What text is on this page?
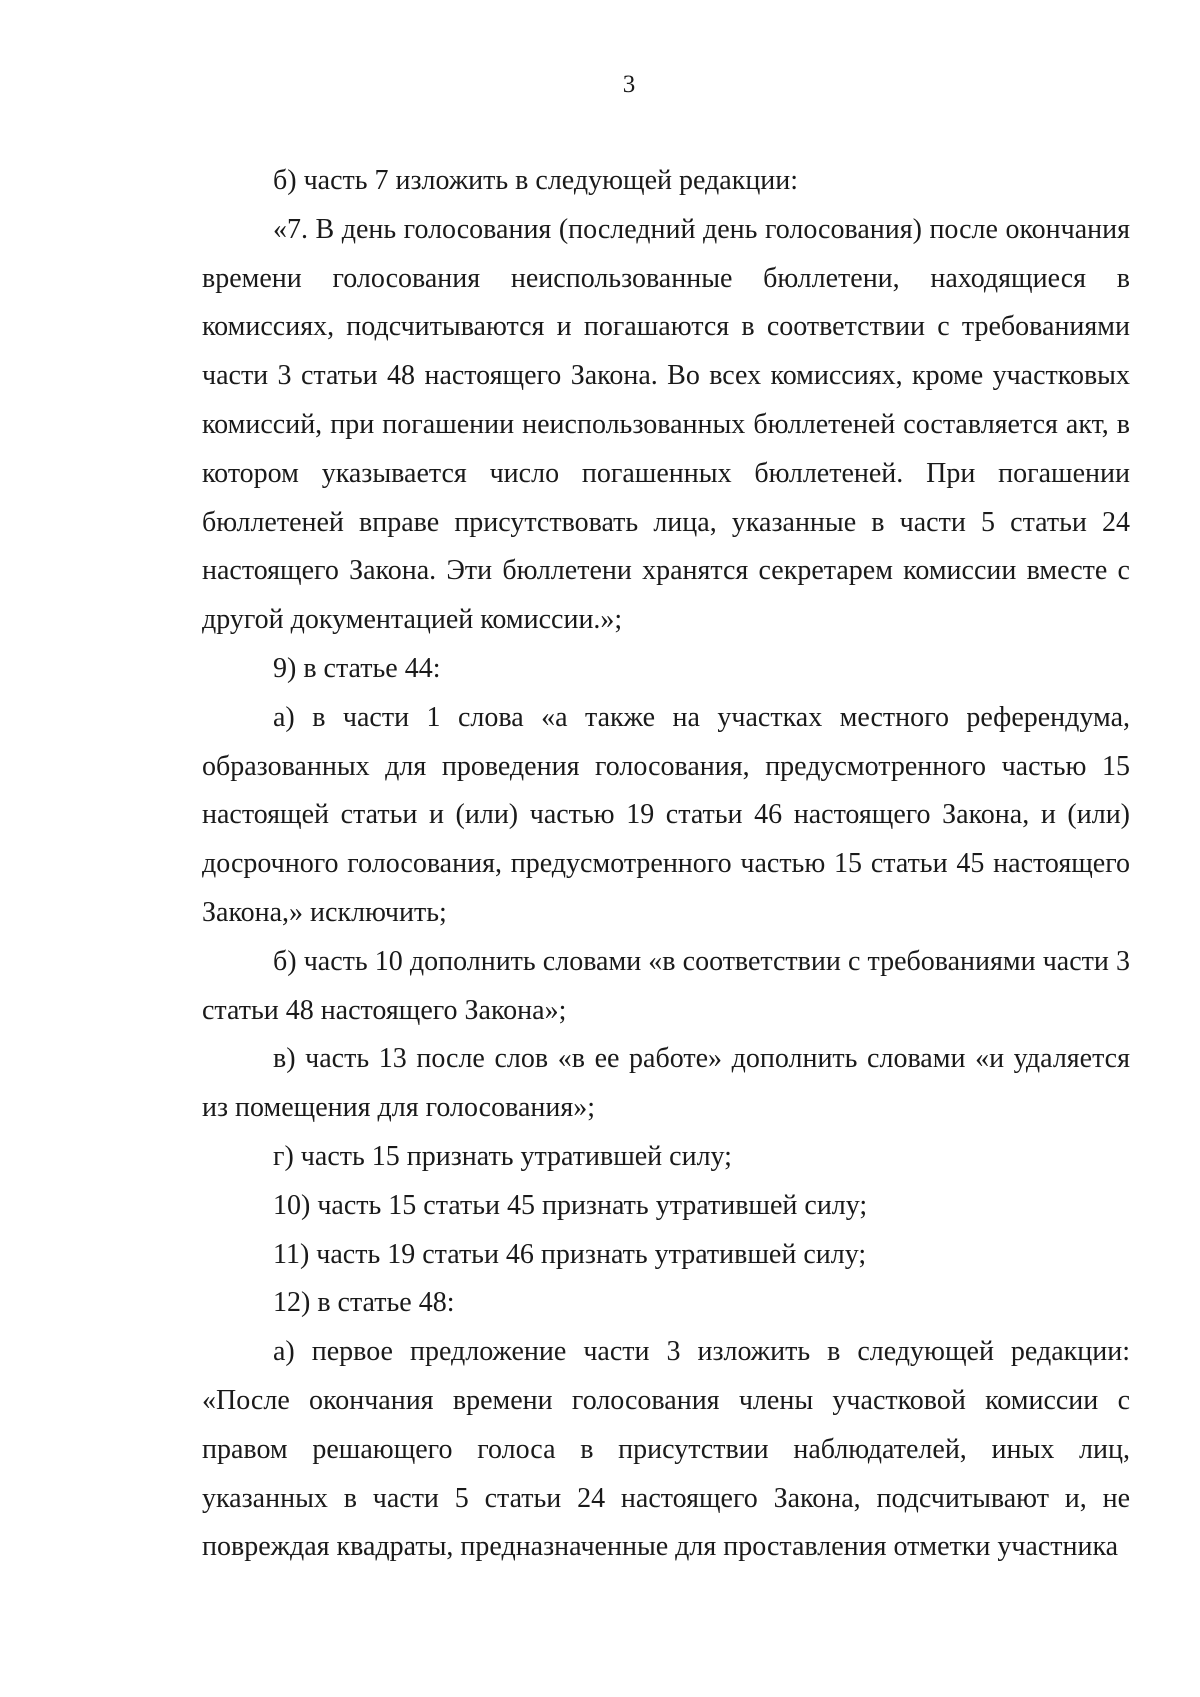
3

б) часть 7 изложить в следующей редакции:

«7. В день голосования (последний день голосования) после окончания времени голосования неиспользованные бюллетени, находящиеся в комиссиях, подсчитываются и погашаются в соответствии с требованиями части 3 статьи 48 настоящего Закона. Во всех комиссиях, кроме участковых комиссий, при погашении неиспользованных бюллетеней составляется акт, в котором указывается число погашенных бюллетеней. При погашении бюллетеней вправе присутствовать лица, указанные в части 5 статьи 24 настоящего Закона. Эти бюллетени хранятся секретарем комиссии вместе с другой документацией комиссии.»;

9) в статье 44:

а) в части 1 слова «а также на участках местного референдума, образованных для проведения голосования, предусмотренного частью 15 настоящей статьи и (или) частью 19 статьи 46 настоящего Закона, и (или) досрочного голосования, предусмотренного частью 15 статьи 45 настоящего Закона,» исключить;

б) часть 10 дополнить словами «в соответствии с требованиями части 3 статьи 48 настоящего Закона»;

в) часть 13 после слов «в ее работе» дополнить словами «и удаляется из помещения для голосования»;

г) часть 15 признать утратившей силу;

10) часть 15 статьи 45 признать утратившей силу;

11) часть 19 статьи 46 признать утратившей силу;

12) в статье 48:

а) первое предложение части 3 изложить в следующей редакции: «После окончания времени голосования члены участковой комиссии с правом решающего голоса в присутствии наблюдателей, иных лиц, указанных в части 5 статьи 24 настоящего Закона, подсчитывают и, не повреждая квадраты, предназначенные для проставления отметки участника
